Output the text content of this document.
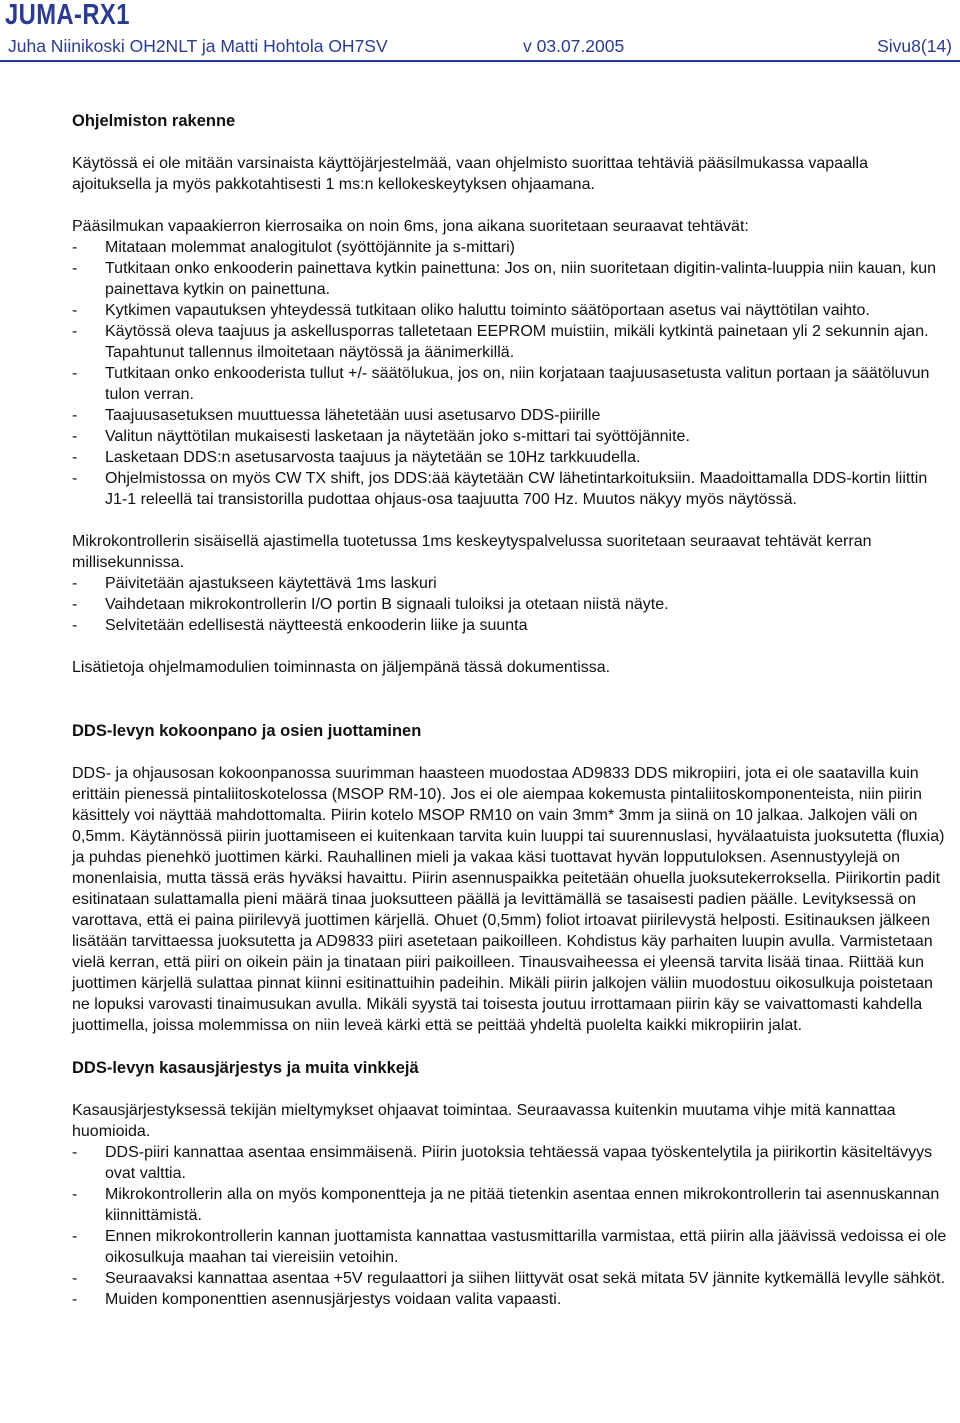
JUMA-RX1
Juha Niinikoski OH2NLT ja Matti Hohtola OH7SV	v 03.07.2005	Sivu8(14)
Ohjelmiston rakenne

Käytössä ei ole mitään varsinaista käyttöjärjestelmää, vaan ohjelmisto suorittaa tehtäviä pääsilmukassa vapaalla ajoituksella ja myös pakkotahtisesti 1 ms:n kellokeskeytyksen ohjaamana.

Pääsilmukan vapaakierron kierrosaika on noin 6ms, jona aikana suoritetaan seuraavat tehtävät:

- Mitataan molemmat analogitulot (syöttöjännite ja s-mittari)
- Tutkitaan onko enkooderin painettava kytkin painettuna: Jos on, niin suoritetaan digitin-valinta-luuppia niin kauan, kun painettava kytkin on painettuna.
- Kytkimen vapautuksen yhteydessä tutkitaan oliko haluttu toiminto säätöportaan asetus vai näyttötilan vaihto.
- Käytössä oleva taajuus ja askellusporras talletetaan EEPROM muistiin, mikäli kytkintä painetaan yli 2 sekunnin ajan. Tapahtunut tallennus ilmoitetaan näytössä ja äänimerkillä.
- Tutkitaan onko enkooderista tullut +/- säätölukua, jos on, niin korjataan taajuusasetusta valitun portaan ja säätöluvun tulon verran.
- Taajuusasetuksen muuttuessa lähetetään uusi asetusarvo DDS-piirille
- Valitun näyttötilan mukaisesti lasketaan ja näytetään joko s-mittari tai syöttöjännite.
- Lasketaan DDS:n asetusarvosta taajuus ja näytetään se 10Hz tarkkuudella.
- Ohjelmistossa on myös CW TX shift, jos DDS:ää käytetään CW lähetintarkoituksiin. Maadoittamalla DDS-kortin liittin J1-1 releellä tai transistorilla pudottaa ohjaus-osa taajuutta 700 Hz. Muutos näkyy myös näytössä.

Mikrokontrollerin sisäisellä ajastimella tuotetussa 1ms keskeytyspalvelussa suoritetaan seuraavat tehtävät kerran millisekunnissa.

- Päivitetään ajastukseen käytettävä 1ms laskuri
- Vaihdetaan mikrokontrollerin I/O portin B signaali tuloiksi ja otetaan niistä näyte.
- Selvitetään edellisestä näytteestä enkooderin liike ja suunta

Lisätietoja ohjelmamodulien toiminnasta on jäljempänä tässä dokumentissa.

DDS-levyn kokoonpano ja osien juottaminen

DDS- ja ohjausosan kokoonpanossa suurimman haasteen muodostaa AD9833 DDS mikropiiri, jota ei ole saatavilla kuin erittäin pienessä pintaliitoskotelossa (MSOP RM-10). Jos ei ole aiempaa kokemusta pintaliitoskomponenteista, niin piirin käsittely voi näyttää mahdottomalta. Piirin kotelo MSOP RM10 on vain 3mm* 3mm ja siinä on 10 jalkaa. Jalkojen väli on 0,5mm. Käytännössä piirin juottamiseen ei kuitenkaan tarvita kuin luuppi tai suurennuslasi, hyvälaatuista juoksutetta (fluxia) ja puhdas pienehkö juottimen kärki. Rauhallinen mieli ja vakaa käsi tuottavat hyvän lopputuloksen. Asennustyylejä on monenlaisia, mutta tässä eräs hyväksi havaittu. Piirin asennuspaikka peitetään ohuella juoksutekerroksella. Piirikortin padit esitinataan sulattamalla pieni määrä tinaa juoksutteen päällä ja levittämällä se tasaisesti padien päälle. Levityksessä on varottava, että ei paina piirilevyä juottimen kärjellä. Ohuet (0,5mm) foliot irtoavat piirilevystä helposti. Esitinauksen jälkeen lisätään tarvittaessa juoksutetta ja AD9833 piiri asetetaan paikoilleen. Kohdistus käy parhaiten luupin avulla. Varmistetaan vielä kerran, että piiri on oikein päin ja tinataan piiri paikoilleen. Tinausvaiheessa ei yleensä tarvita lisää tinaa. Riittää kun juottimen kärjellä sulattaa pinnat kiinni esitinattuihin padeihin. Mikäli piirin jalkojen väliin muodostuu oikosulkuja poistetaan ne lopuksi varovasti tinaimusukan avulla. Mikäli syystä tai toisesta joutuu irrottamaan piirin käy se vaivattomasti kahdella juottimella, joissa molemmissa on niin leveä kärki että se peittää yhdeltä puolelta kaikki mikropiirin jalat.

DDS-levyn kasausjärjestys ja muita vinkkejä

Kasausjärjestyksessä tekijän mieltymykset ohjaavat toimintaa. Seuraavassa kuitenkin muutama vihje mitä kannattaa huomioida.

- DDS-piiri kannattaa asentaa ensimmäisenä. Piirin juotoksia tehtäessä vapaa työskentelytila ja piirikortin käsiteltävyys ovat valttia.
- Mikrokontrollerin alla on myös komponentteja ja ne pitää tietenkin asentaa ennen mikrokontrollerin tai asennuskannan kiinnittämistä.
- Ennen mikrokontrollerin kannan juottamista kannattaa vastusmittarilla varmistaa, että piirin alla jäävissä vedoissa ei ole oikosulkuja maahan tai viereisiin vetoihin.
- Seuraavaksi kannattaa asentaa +5V regulaattori ja siihen liittyvät osat sekä mitata 5V jännite kytkemällä levylle sähköt.
- Muiden komponenttien asennusjärjestys voidaan valita vapaasti.
